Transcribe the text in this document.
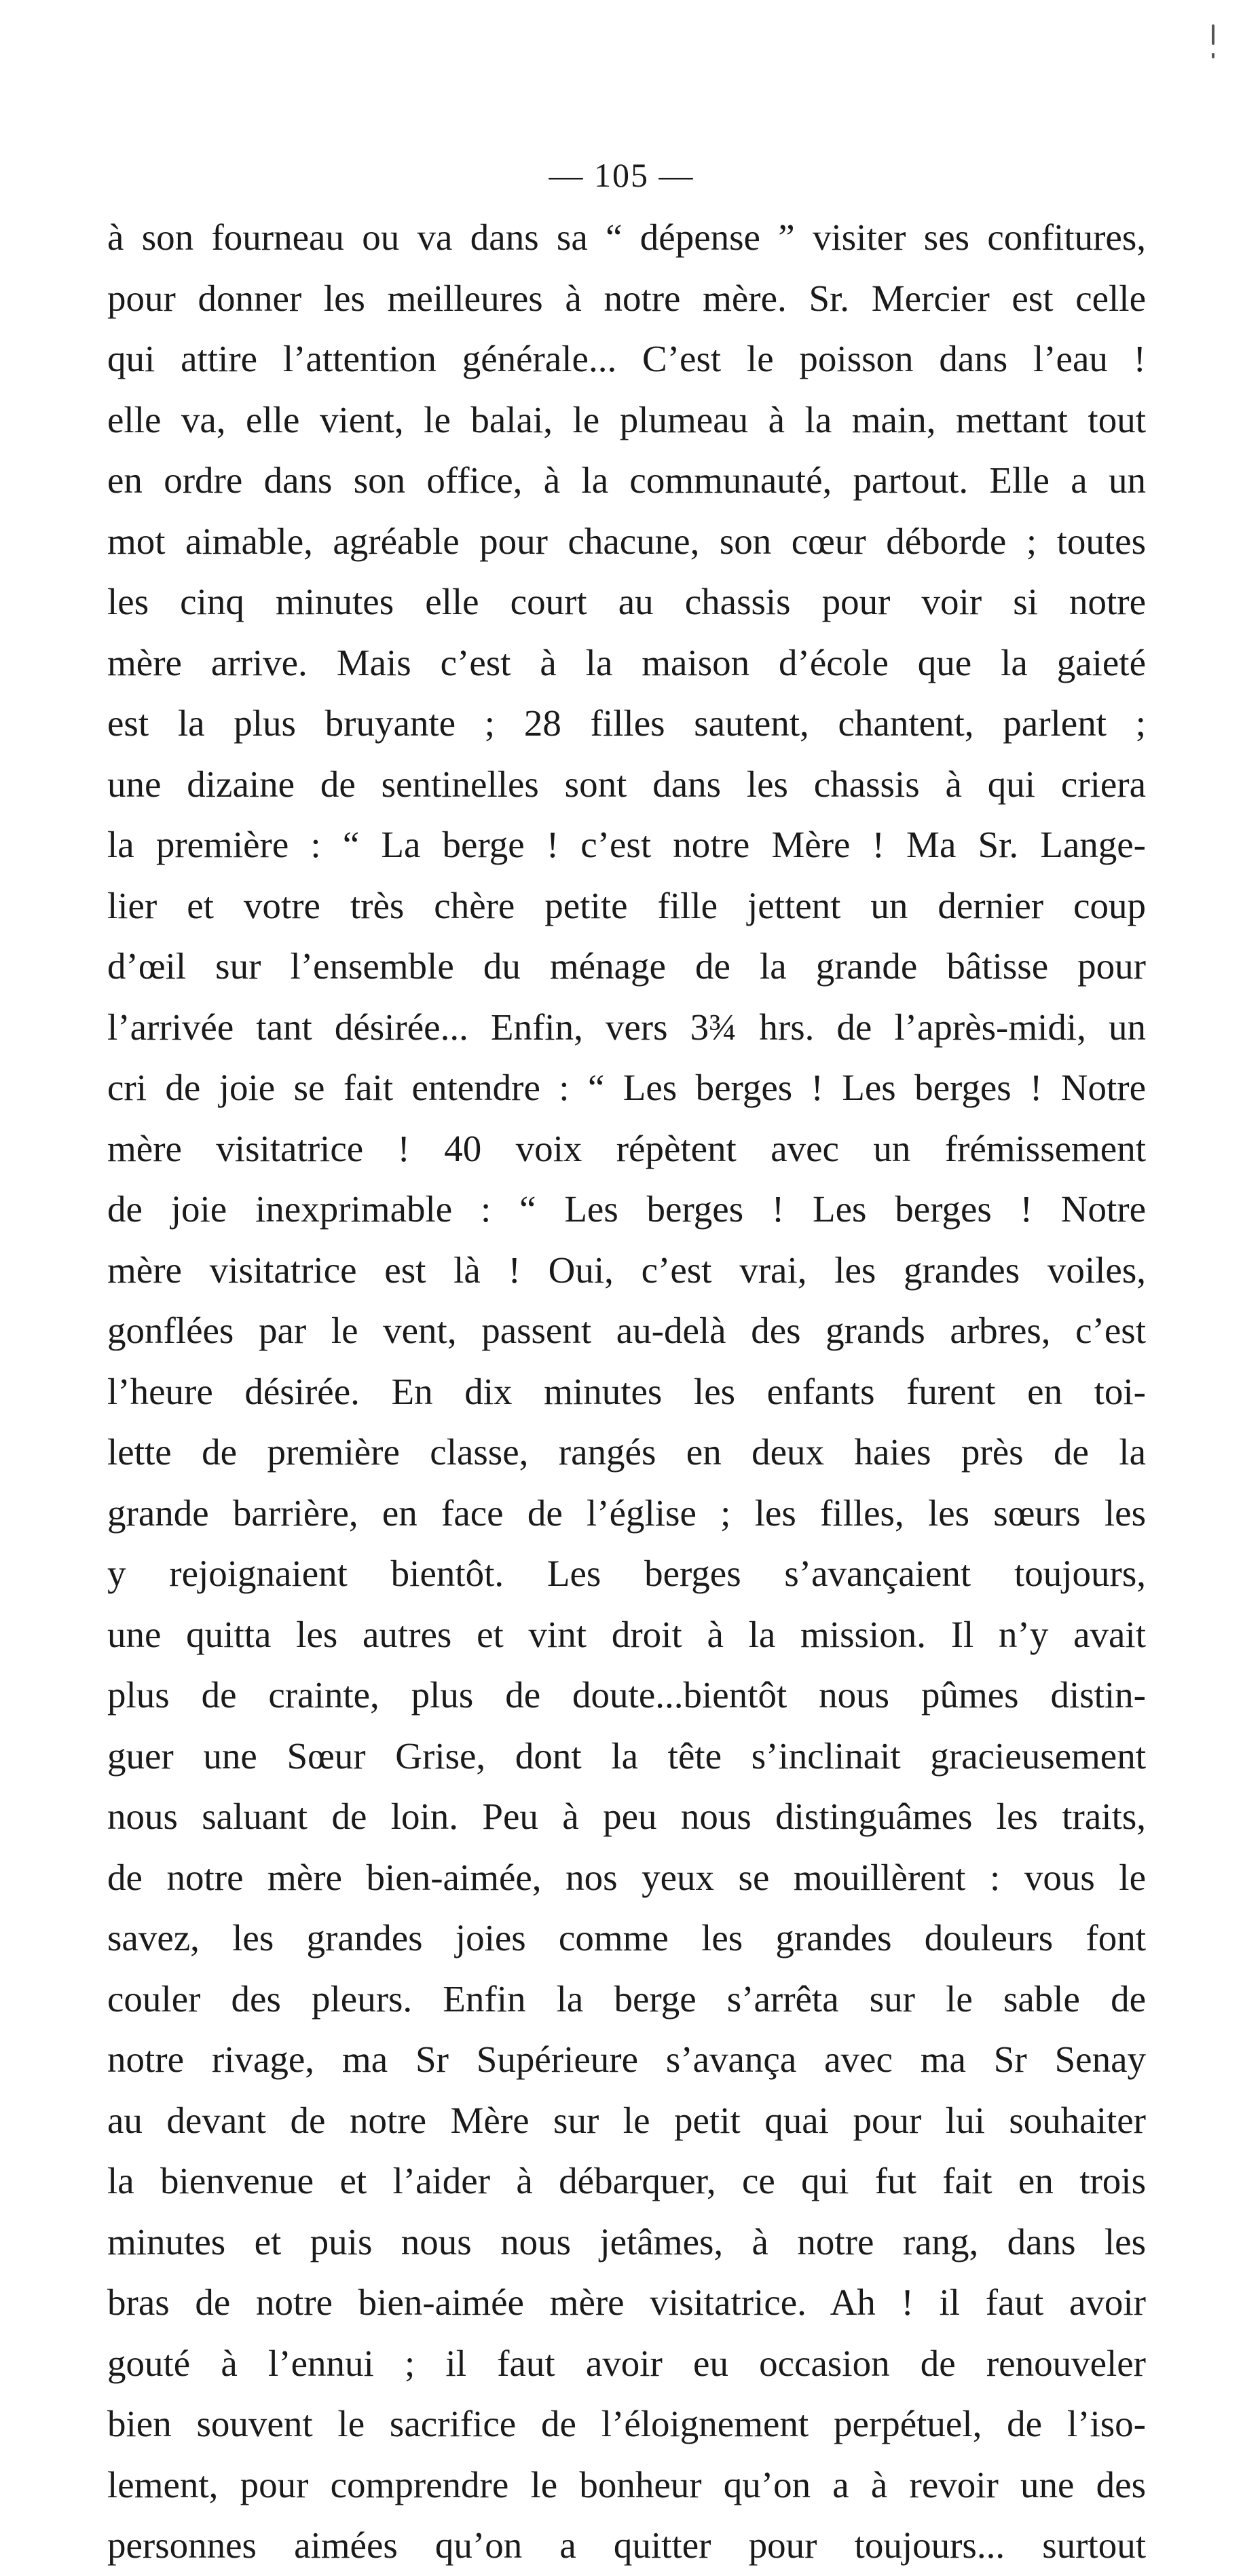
— 105 —
à son fourneau ou va dans sa “ dépense ” visiter ses confitures,
pour donner les meilleures à notre mère. Sr. Mercier est celle
qui attire l’attention générale... C’est le poisson dans l’eau !
elle va, elle vient, le balai, le plumeau à la main, mettant tout
en ordre dans son office, à la communauté, partout. Elle a un
mot aimable, agréable pour chacune, son cœur déborde ; toutes
les cinq minutes elle court au chassis pour voir si notre
mère arrive. Mais c’est à la maison d’école que la gaieté
est la plus bruyante ; 28 filles sautent, chantent, parlent ;
une dizaine de sentinelles sont dans les chassis à qui criera
la première : “ La berge ! c’est notre Mère ! Ma Sr. Lange-
lier et votre très chère petite fille jettent un dernier coup
d’œil sur l’ensemble du ménage de la grande bâtisse pour
l’arrivée tant désirée... Enfin, vers 3¾ hrs. de l’après-midi, un
cri de joie se fait entendre : “ Les berges ! Les berges ! Notre
mère visitatrice ! 40 voix répètent avec un frémissement
de joie inexprimable : “ Les berges ! Les berges ! Notre
mère visitatrice est là ! Oui, c’est vrai, les grandes voiles,
gonflées par le vent, passent au-delà des grands arbres, c’est
l’heure désirée. En dix minutes les enfants furent en toi-
lette de première classe, rangés en deux haies près de la
grande barrière, en face de l’église ; les filles, les sœurs les
y rejoignaient bientôt. Les berges s’avançaient toujours,
une quitta les autres et vint droit à la mission. Il n’y avait
plus de crainte, plus de doute...bientôt nous pûmes distin-
guer une Sœur Grise, dont la tête s’inclinait gracieusement
nous saluant de loin. Peu à peu nous distinguâmes les traits,
de notre mère bien-aimée, nos yeux se mouillèrent : vous le
savez, les grandes joies comme les grandes douleurs font
couler des pleurs. Enfin la berge s’arrêta sur le sable de
notre rivage, ma Sr Supérieure s’avança avec ma Sr Senay
au devant de notre Mère sur le petit quai pour lui souhaiter
la bienvenue et l’aider à débarquer, ce qui fut fait en trois
minutes et puis nous nous jetâmes, à notre rang, dans les
bras de notre bien-aimée mère visitatrice. Ah ! il faut avoir
gouté à l’ennui ; il faut avoir eu occasion de renouveler
bien souvent le sacrifice de l’éloignement perpétuel, de l’iso-
lement, pour comprendre le bonheur qu’on a à revoir une des
personnes aimées qu’on a quitter pour toujours... surtout
